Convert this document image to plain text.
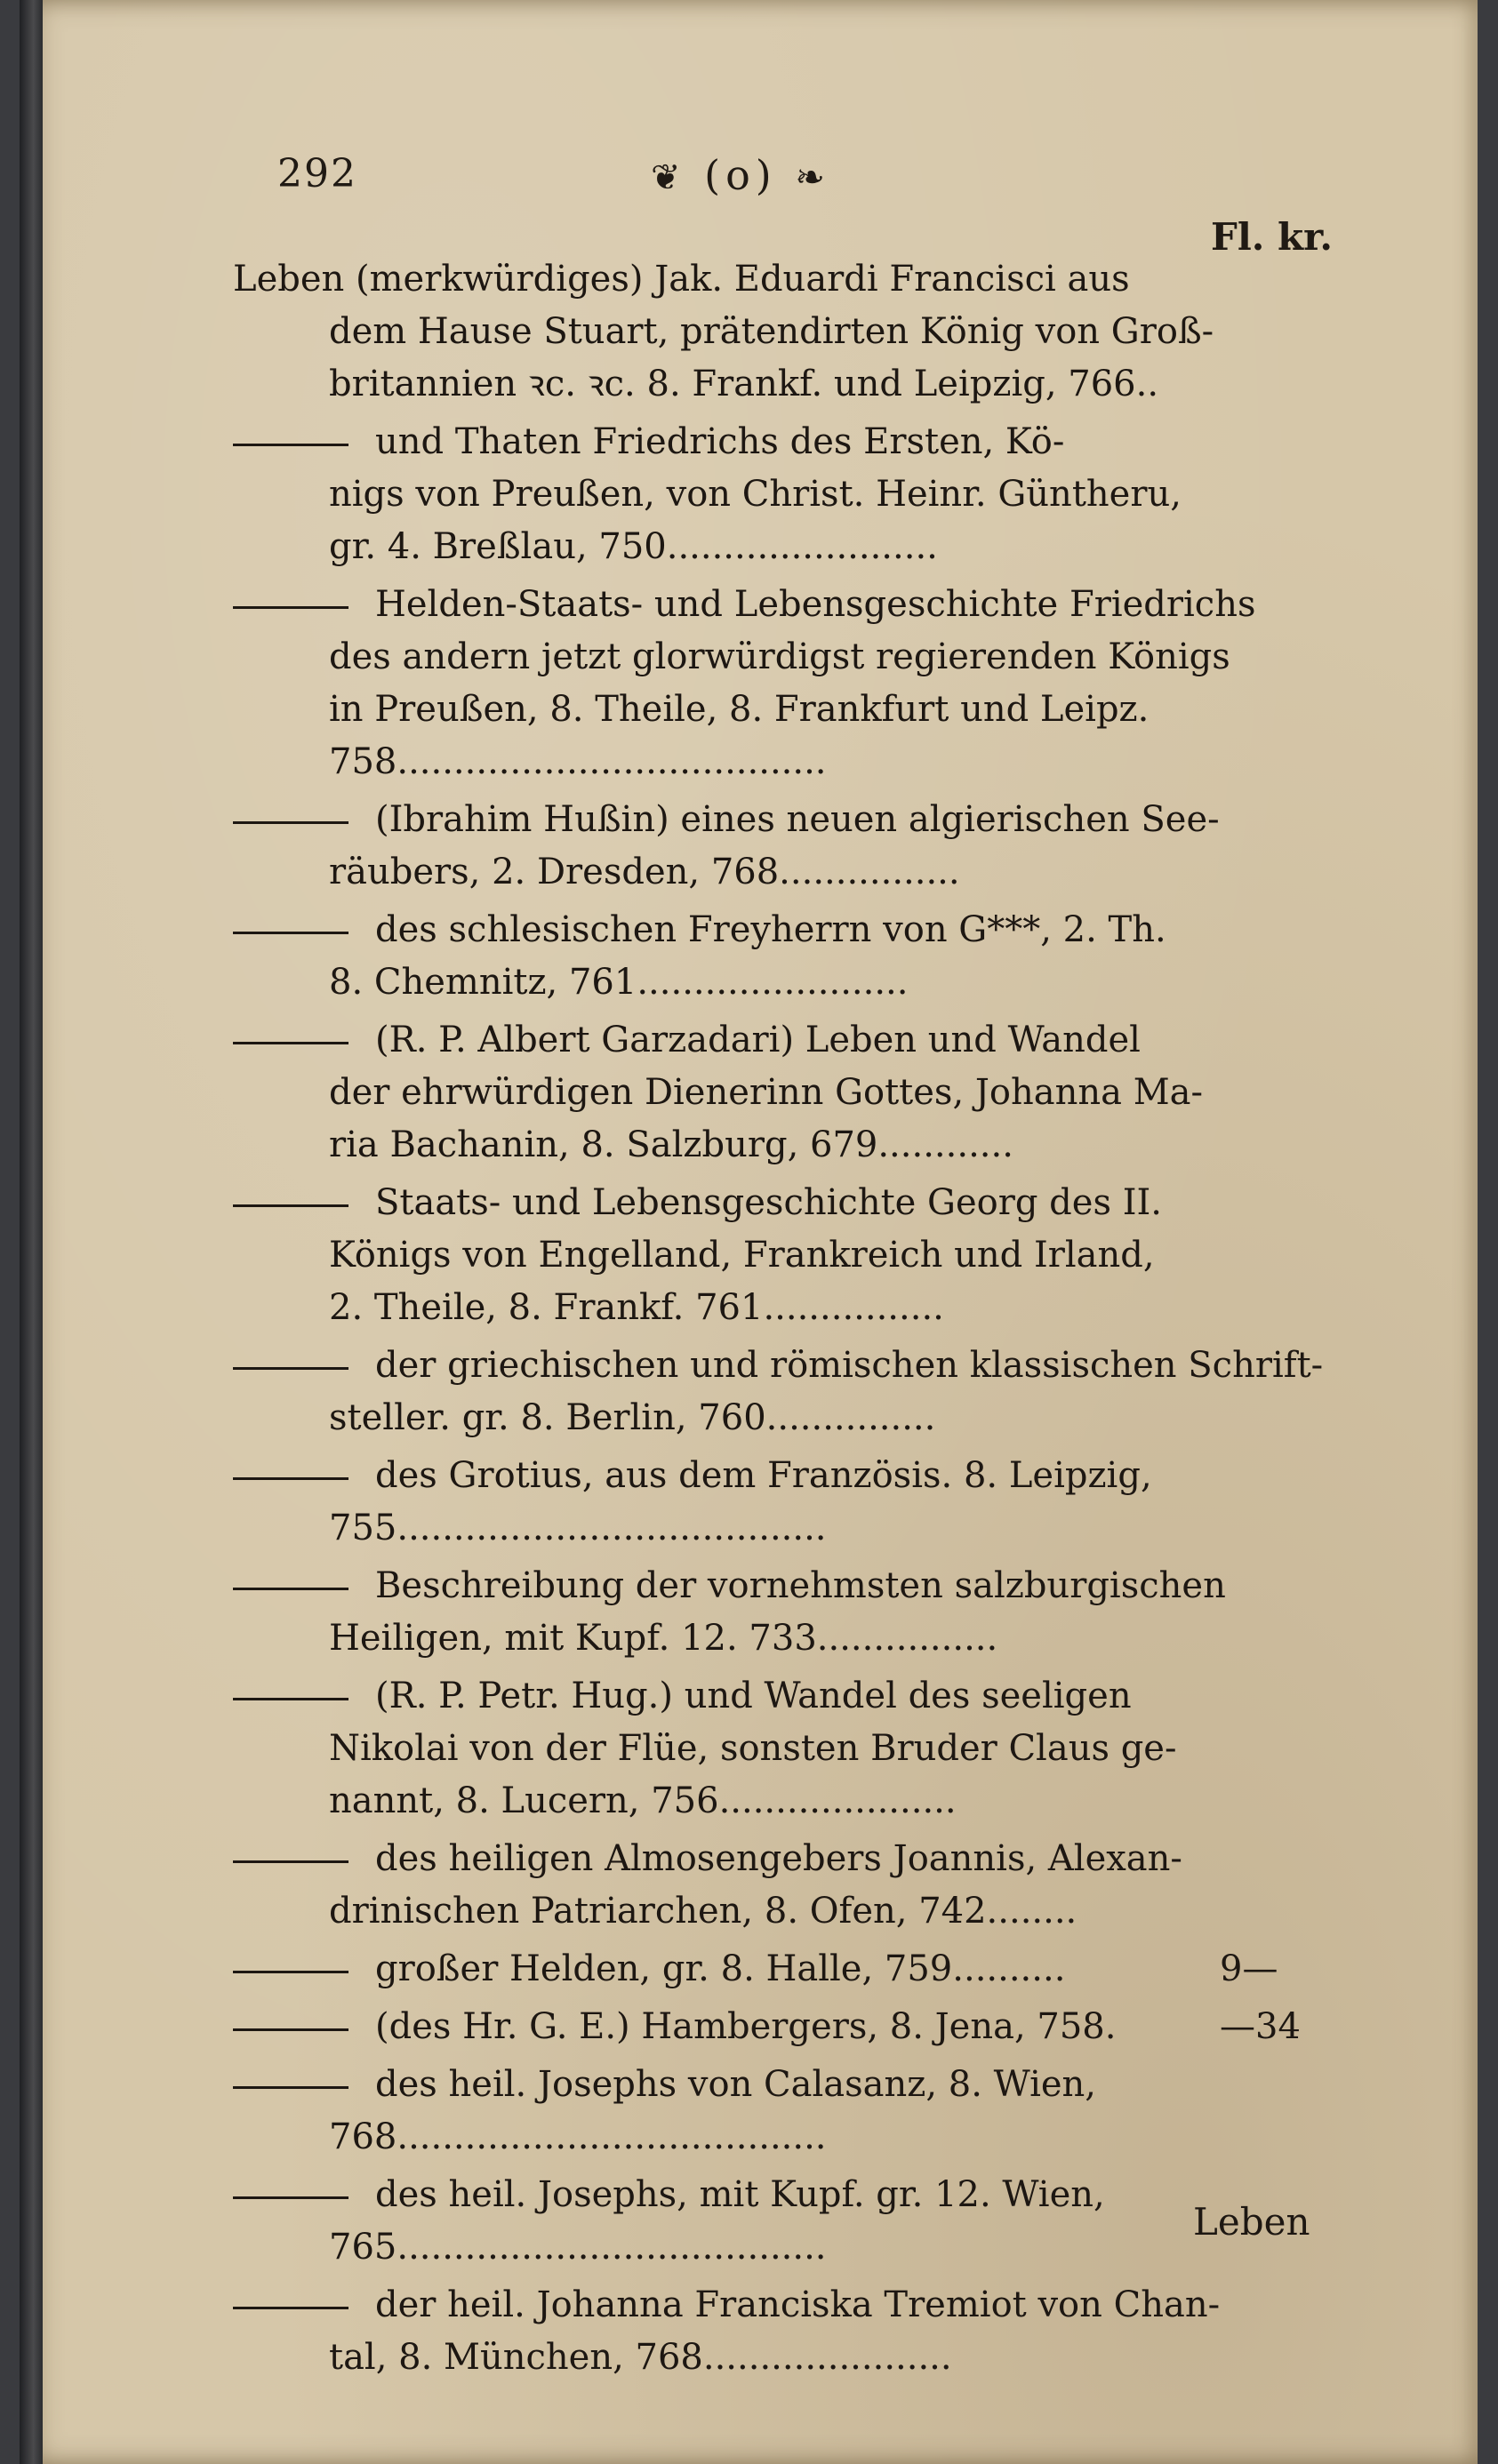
292	❦ (o) ❧
Fl. kr.
Leben (merkwürdiges) Jak. Eduardi Francisci aus
dem Hause Stuart, prätendirten König von Groß-
britannien ꝛc. ꝛc. 8. Frankf. und Leipzig, 766..
und Thaten Friedrichs des Ersten, Kö-
nigs von Preußen, von Christ. Heinr. Güntheru,
gr. 4. Breßlau, 750........................
Helden-Staats- und Lebensgeschichte Friedrichs
des andern jetzt glorwürdigst regierenden Königs
in Preußen, 8. Theile, 8. Frankfurt und Leipz.
758......................................
(Ibrahim Hußin) eines neuen algierischen See-
räubers, 2. Dresden, 768................
des schlesischen Freyherrn von G***, 2. Th.
8. Chemnitz, 761........................
(R. P. Albert Garzadari) Leben und Wandel
der ehrwürdigen Dienerinn Gottes, Johanna Ma-
ria Bachanin, 8. Salzburg, 679............
Staats- und Lebensgeschichte Georg des II.
Königs von Engelland, Frankreich und Irland,
2. Theile, 8. Frankf. 761................
der griechischen und römischen klassischen Schrift-
steller. gr. 8. Berlin, 760...............
des Grotius, aus dem Französis. 8. Leipzig,
755......................................
Beschreibung der vornehmsten salzburgischen
Heiligen, mit Kupf. 12. 733................
(R. P. Petr. Hug.) und Wandel des seeligen
Nikolai von der Flüe, sonsten Bruder Claus ge-
nannt, 8. Lucern, 756.....................
des heiligen Almosengebers Joannis, Alexan-
drinischen Patriarchen, 8. Ofen, 742........
großer Helden, gr. 8. Halle, 759..........	9—
(des Hr. G. E.) Hambergers, 8. Jena, 758.	—34
des heil. Josephs von Calasanz, 8. Wien,
768......................................
des heil. Josephs, mit Kupf. gr. 12. Wien,
765......................................
der heil. Johanna Franciska Tremiot von Chan-
tal, 8. München, 768......................
Leben
